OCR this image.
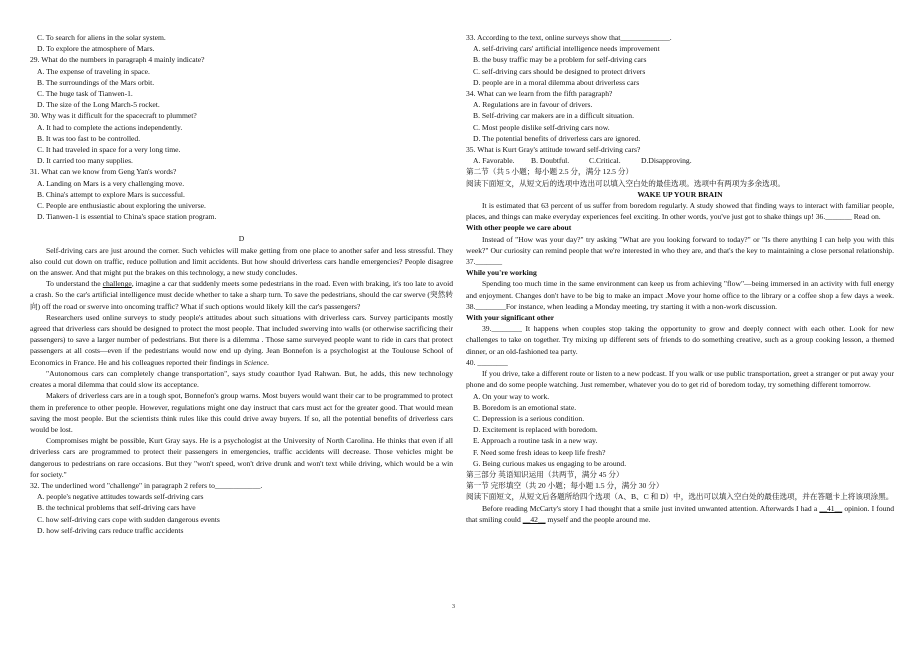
C. To search for aliens in the solar system.
D. To explore the atmosphere of Mars.
29. What do the numbers in paragraph 4 mainly indicate?
A. The expense of traveling in space.
B. The surroundings of the Mars orbit.
C. The huge task of Tianwen-1.
D. The size of the Long March-5 rocket.
30. Why was it difficult for the spacecraft to plummet?
A. It had to complete the actions independently.
B. It was too fast to be controlled.
C. It had traveled in space for a very long time.
D. It carried too many supplies.
31. What can we know from Geng Yan's words?
A. Landing on Mars is a very challenging move.
B. China's attempt to explore Mars is successful.
C. People are enthusiastic about exploring the universe.
D. Tianwen-1 is essential to China's space station program.
D

Self-driving cars are just around the corner. Such vehicles will make getting from one place to another safer and less stressful. They also could cut down on traffic, reduce pollution and limit accidents. But how should driverless cars handle emergencies? People disagree on the answer. And that might put the brakes on this technology, a new study concludes.

To understand the challenge, imagine a car that suddenly meets some pedestrians in the road. Even with braking, it's too late to avoid a crash. So the car's artificial intelligence must decide whether to take a sharp turn. To save the pedestrians, should the car swerve (突然转向) off the road or swerve into oncoming traffic? What if such options would likely kill the car's passengers?

Researchers used online surveys to study people's attitudes about such situations with driverless cars. Survey participants mostly agreed that driverless cars should be designed to protect the most people. That included swerving into walls (or otherwise sacrificing their passengers) to save a larger number of pedestrians. But there is a dilemma . Those same surveyed people want to ride in cars that protect passengers at all costs—even if the pedestrians would now end up dying. Jean Bonnefon is a psychologist at the Toulouse School of Economics in France. He and his colleagues reported their findings in Science.

"Autonomous cars can completely change transportation", says study coauthor Iyad Rahwan. But, he adds, this new technology creates a moral dilemma that could slow its acceptance.

Makers of driverless cars are in a tough spot, Bonnefon's group warns. Most buyers would want their car to be programmed to protect them in preference to other people. However, regulations might one day instruct that cars must act for the greater good. That would mean saving the most people. But the scientists think rules like this could drive away buyers. If so, all the potential benefits of driverless cars would be lost.

Compromises might be possible, Kurt Gray says. He is a psychologist at the University of North Carolina. He thinks that even if all driverless cars are programmed to protect their passengers in emergencies, traffic accidents will decrease. Those vehicles might be dangerous to pedestrians on rare occasions. But they "won't speed, won't drive drunk and won't text while driving, which would be a win for society."

32. The underlined word "challenge" in paragraph 2 refers to____________.
A. people's negative attitudes towards self-driving cars
B. the technical problems that self-driving cars have
C. how self-driving cars cope with sudden dangerous events
D. how self-driving cars reduce traffic accidents
33. According to the text, online surveys show that_____________.
A. self-driving cars' artificial intelligence needs improvement
B. the busy traffic may be a problem for self-driving cars
C. self-driving cars should be designed to protect drivers
D. people are in a moral dilemma about driverless cars
34. What can we learn from the fifth paragraph?
A. Regulations are in favour of drivers.
B. Self-driving car makers are in a difficult situation.
C. Most people dislike self-driving cars now.
D. The potential benefits of driverless cars are ignored.
35. What is Kurt Gray's attitude toward self-driving cars?
A. Favorable. B. Doubtful.	C.Critical.	D.Disapproving.
第二节（共 5 小题；每小题 2.5 分，满分 12.5 分）
阅读下面短文，从短文后的选项中选出可以填入空白处的最佳选项。选项中有两项为多余选项。
WAKE UP YOUR BRAIN

It is estimated that 63 percent of us suffer from boredom regularly. A study showed that finding ways to interact with familiar people, places, and things can make everyday experiences feel exciting. In other words, you've just got to shake things up! 36._______ Read on.

With other people we care about

Instead of "How was your day?" try asking "What are you looking forward to today?" or "Is there anything I can help you with this week?" Our curiosity can remind people that we're interested in who they are, and that's the key to maintaining a close personal relationship. 37._______

While you're working

Spending too much time in the same environment can keep us from achieving "flow"—being immersed in an activity with full energy and enjoyment. Changes don't have to be big to make an impact .Move your home office to the library or a coffee shop a few days a week. 38.________For instance, when leading a Monday meeting, try starting it with a non-work discussion.

With your significant other

39.________ It happens when couples stop taking the opportunity to grow and deeply connect with each other. Look for new challenges to take on together. Try mixing up different sets of friends to do something creative, such as a group cooking lesson, a themed dinner, or an old-fashioned tea party.

40. ________

If you drive, take a different route or listen to a new podcast. If you walk or use public transportation, greet a stranger or put away your phone and do some people watching. Just remember, whatever you do to get rid of boredom today, try something different tomorrow.

A. On your way to work.
B. Boredom is an emotional state.
C. Depression is a serious condition.
D. Excitement is replaced with boredom.
E. Approach a routine task in a new way.
F. Need some fresh ideas to keep life fresh?
G. Being curious makes us engaging to be around.
第三部分 英语知识运用（共两节，满分 45 分）
第一节 完形填空（共 20 小题；每小题 1.5 分，满分 30 分）

阅读下面短文，从短文后各题所给四个选项（A、B、C 和 D）中，选出可以填入空白处的最佳选项，并在答题卡上将该项涂黑。

Before reading McCarty's story I had thought that a smile just invited unwanted attention. Afterwards I had a __41__ opinion. I found that smiling could __42__ myself and the people around me.

3
